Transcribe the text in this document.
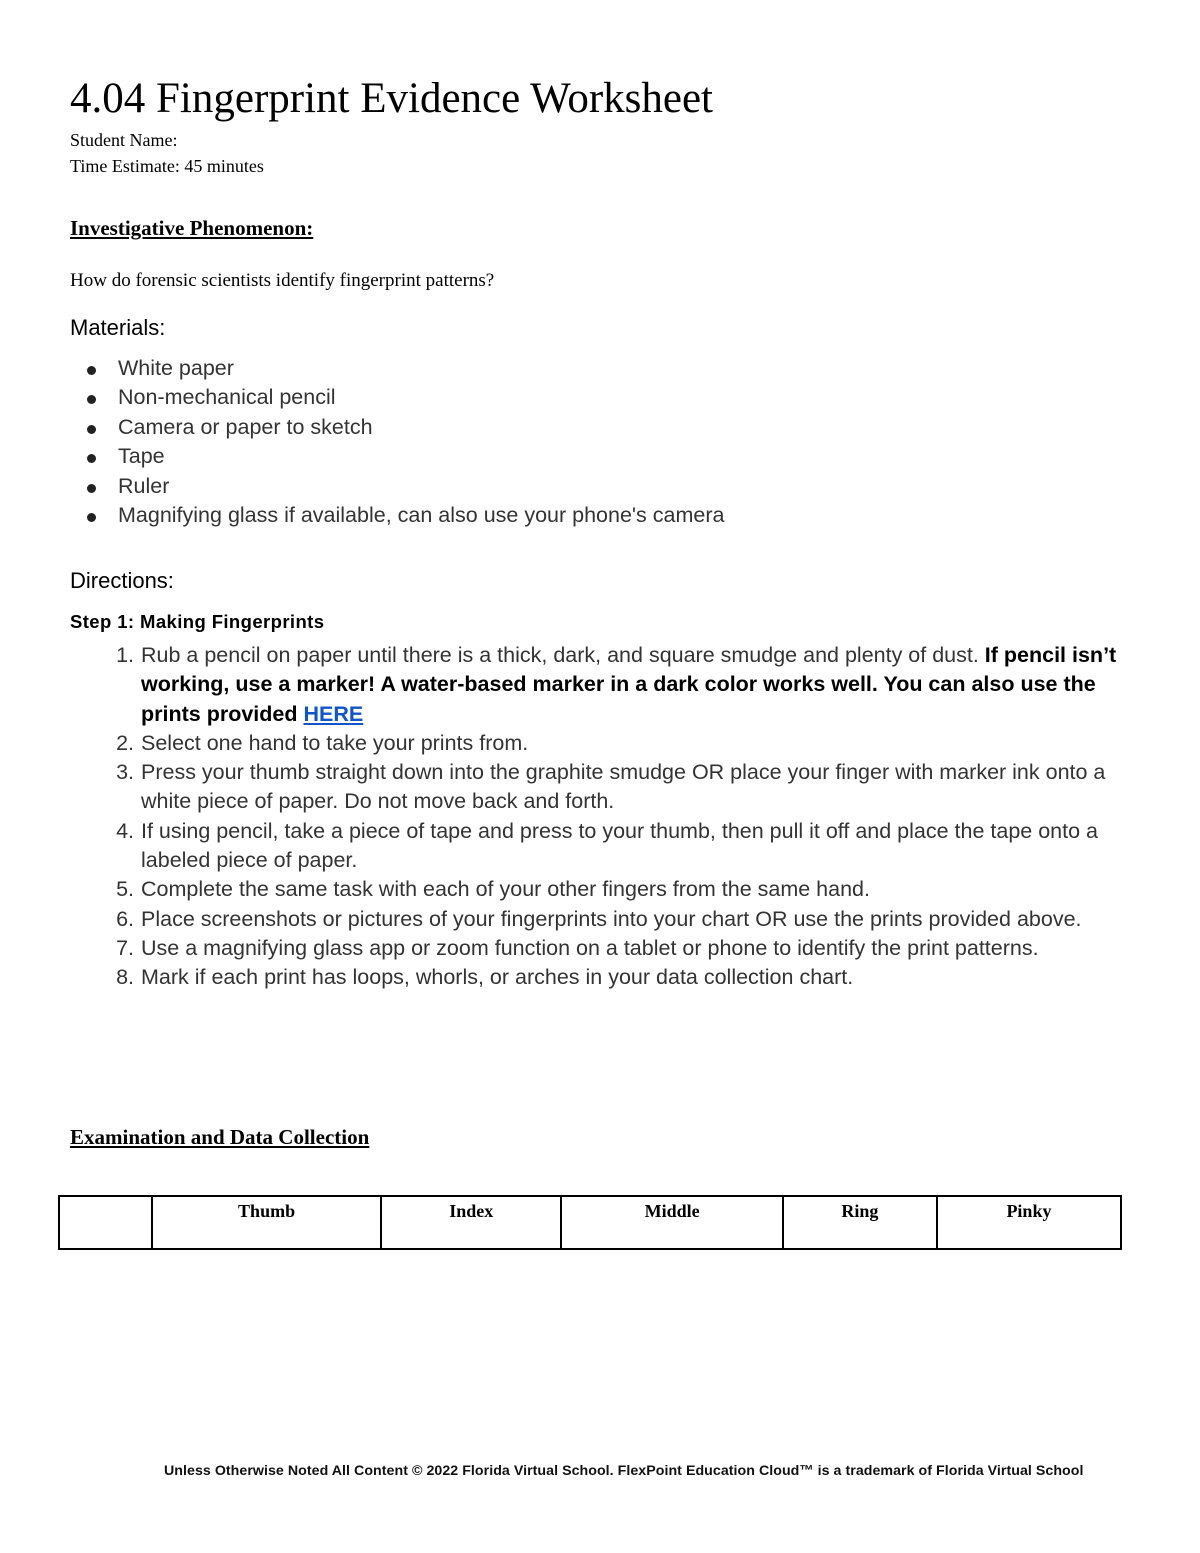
4.04 Fingerprint Evidence Worksheet
Student Name:
Time Estimate: 45 minutes
Investigative Phenomenon:
How do forensic scientists identify fingerprint patterns?
Materials:
White paper
Non-mechanical pencil
Camera or paper to sketch
Tape
Ruler
Magnifying glass if available, can also use your phone's camera
Directions:
Step 1: Making Fingerprints
1. Rub a pencil on paper until there is a thick, dark, and square smudge and plenty of dust. If pencil isn’t working, use a marker! A water-based marker in a dark color works well. You can also use the prints provided HERE
2. Select one hand to take your prints from.
3. Press your thumb straight down into the graphite smudge OR place your finger with marker ink onto a white piece of paper. Do not move back and forth.
4. If using pencil, take a piece of tape and press to your thumb, then pull it off and place the tape onto a labeled piece of paper.
5. Complete the same task with each of your other fingers from the same hand.
6. Place screenshots or pictures of your fingerprints into your chart OR use the prints provided above.
7. Use a magnifying glass app or zoom function on a tablet or phone to identify the print patterns.
8. Mark if each print has loops, whorls, or arches in your data collection chart.
Examination and Data Collection
	Thumb	Index	Middle	Ring	Pinky
Unless Otherwise Noted All Content © 2022 Florida Virtual School. FlexPoint Education Cloud™ is a trademark of Florida Virtual School
